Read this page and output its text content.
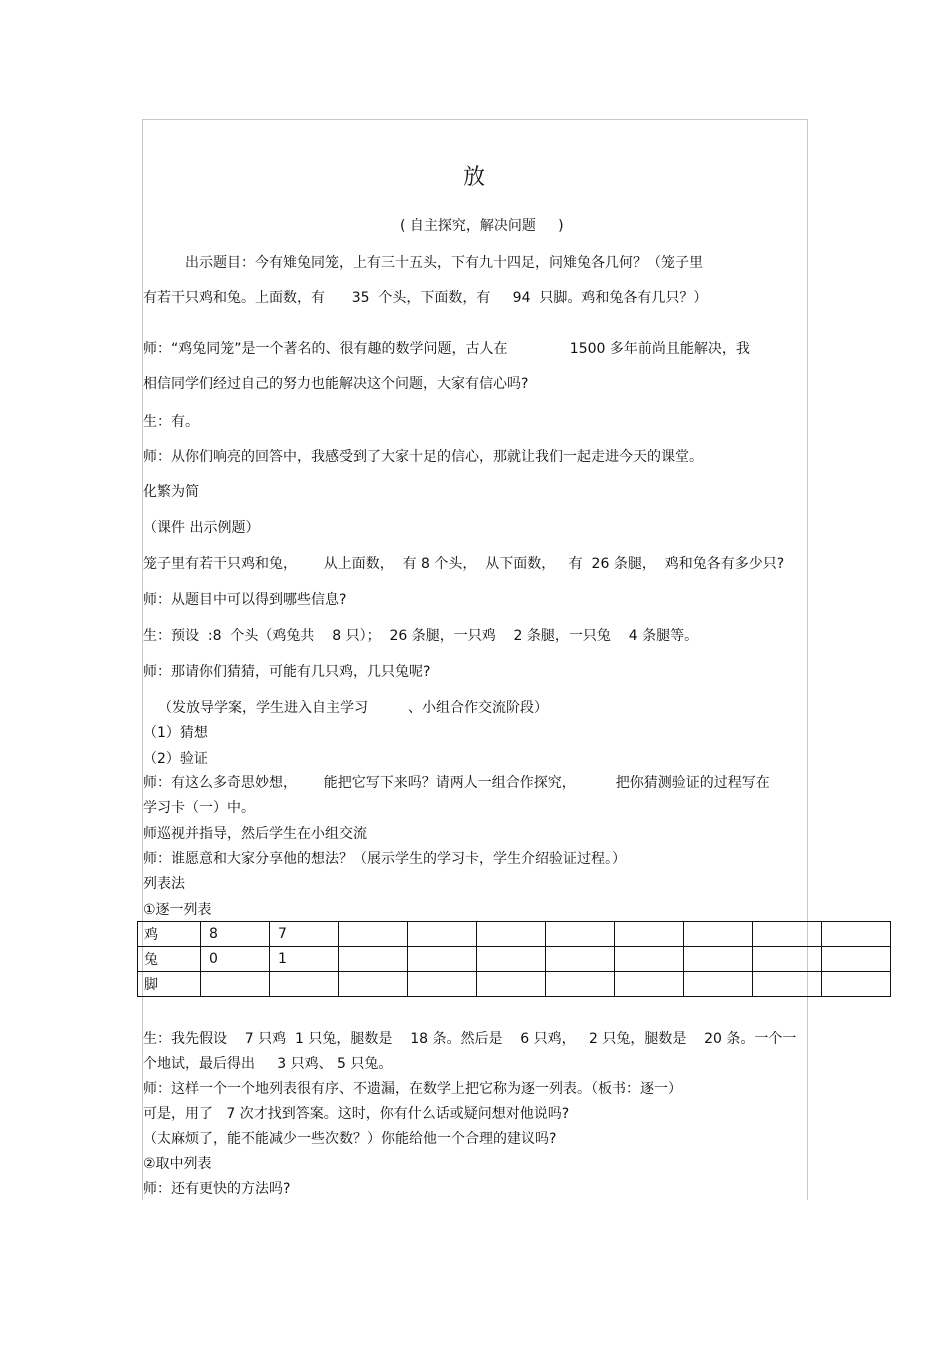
放
( 自主探究，解决问题     )
出示题目：今有雉兔同笼，上有三十五头，下有九十四足，问雉兔各几何？（笼子里
有若干只鸡和兔。上面数，有      35  个头，下面数，有     94  只脚。鸡和兔各有几只？）
师：“鸡兔同笼”是一个著名的、很有趣的数学问题，古人在              1500 多年前尚且能解决，我
相信同学们经过自己的努力也能解决这个问题，大家有信心吗?
生：有。
师：从你们响亮的回答中，我感受到了大家十足的信心，那就让我们一起走进今天的课堂。
化繁为简
（课件 出示例题）
笼子里有若干只鸡和兔，      从上面数，  有 8 个头，  从下面数，   有  26 条腿，  鸡和兔各有多少只?
师：从题目中可以得到哪些信息?
生：预设  :8  个头（鸡兔共    8 只）；  26 条腿，一只鸡    2 条腿，一只兔    4 条腿等。
师：那请你们猜猜，可能有几只鸡，几只兔呢?
（发放导学案，学生进入自主学习         、小组合作交流阶段）
（1）猜想
（2）验证
师：有这么多奇思妙想，      能把它写下来吗？请两人一组合作探究，         把你猜测验证的过程写在
学习卡（一）中。
师巡视并指导，然后学生在小组交流
师：谁愿意和大家分享他的想法？（展示学生的学习卡，学生介绍验证过程。）
列表法
①逐一列表
鸡	8	7								
兔	0	1								
脚										
生：我先假设    7 只鸡  1 只兔，腿数是    18 条。然后是    6 只鸡，   2 只兔，腿数是    20 条。一个一
个地试，最后得出     3 只鸡、 5 只兔。
师：这样一个一个地列表很有序、不遗漏，在数学上把它称为逐一列表。（板书：逐一）
可是，用了   7 次才找到答案。这时，你有什么话或疑问想对他说吗?
（太麻烦了，能不能减少一些次数？）你能给他一个合理的建议吗?
②取中列表
师：还有更快的方法吗?
